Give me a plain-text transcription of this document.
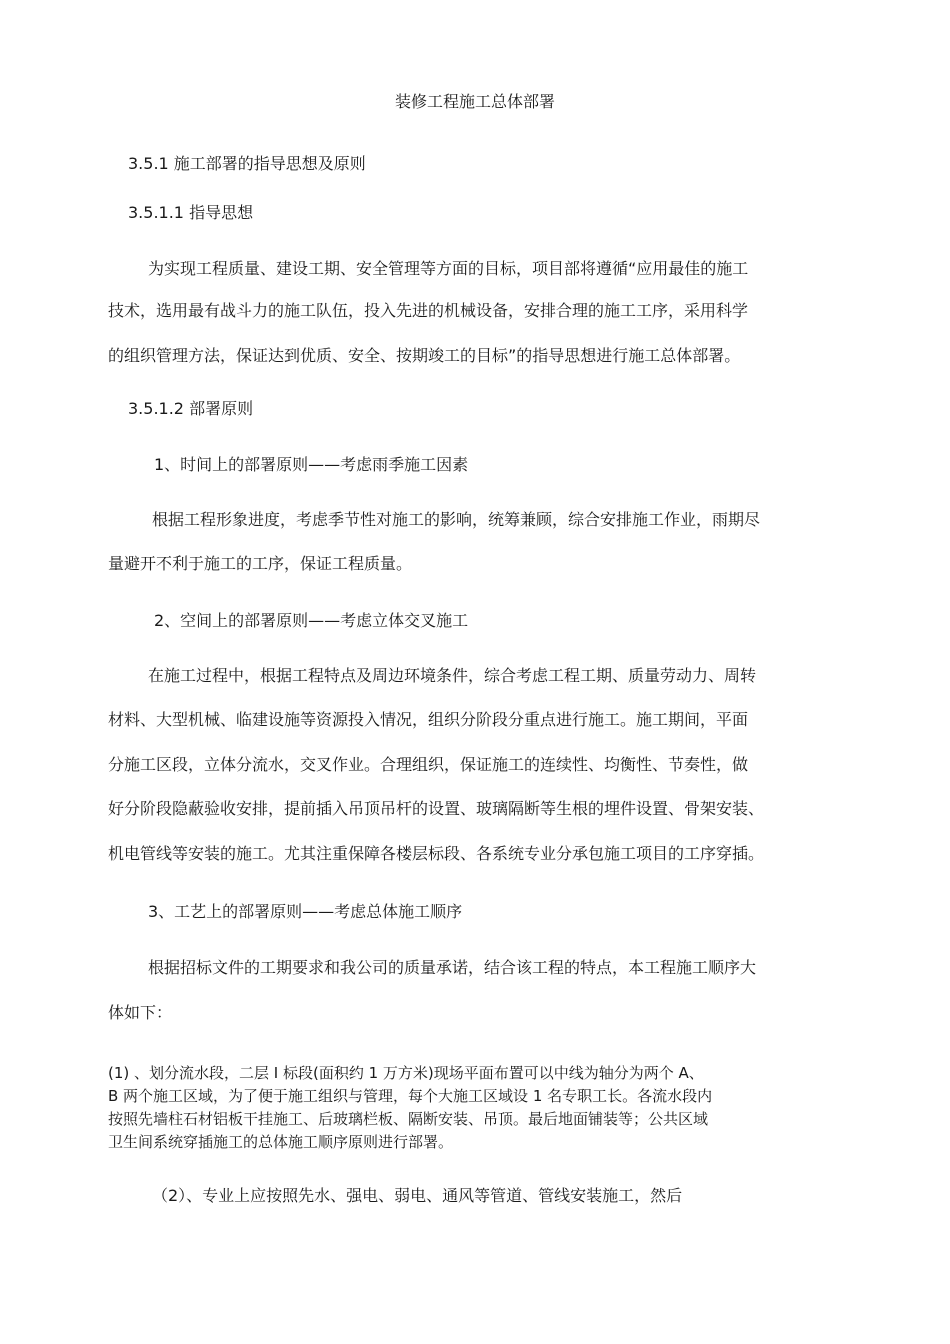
装修工程施工总体部署
3.5.1 施工部署的指导思想及原则
3.5.1.1 指导思想
为实现工程质量、建设工期、安全管理等方面的目标，项目部将遵循“应用最佳的施工
技术，选用最有战斗力的施工队伍，投入先进的机械设备，安排合理的施工工序，采用科学
的组织管理方法，保证达到优质、安全、按期竣工的目标”的指导思想进行施工总体部署。
3.5.1.2 部署原则
1、时间上的部署原则——考虑雨季施工因素
根据工程形象进度，考虑季节性对施工的影响，统筹兼顾，综合安排施工作业，雨期尽
量避开不利于施工的工序，保证工程质量。
2、空间上的部署原则——考虑立体交叉施工
在施工过程中，根据工程特点及周边环境条件，综合考虑工程工期、质量劳动力、周转
材料、大型机械、临建设施等资源投入情况，组织分阶段分重点进行施工。施工期间，平面
分施工区段，立体分流水，交叉作业。合理组织，保证施工的连续性、均衡性、节奏性，做
好分阶段隐蔽验收安排，提前插入吊顶吊杆的设置、玻璃隔断等生根的埋件设置、骨架安装、
机电管线等安装的施工。尤其注重保障各楼层标段、各系统专业分承包施工项目的工序穿插。
3、工艺上的部署原则——考虑总体施工顺序
根据招标文件的工期要求和我公司的质量承诺，结合该工程的特点，本工程施工顺序大
体如下：
(1) 、划分流水段，二层 I 标段(面积约 1 万方米)现场平面布置可以中线为轴分为两个 A、
B 两个施工区域，为了便于施工组织与管理，每个大施工区域设 1 名专职工长。各流水段内
按照先墙柱石材铝板干挂施工、后玻璃栏板、隔断安装、吊顶。最后地面铺装等；公共区域
卫生间系统穿插施工的总体施工顺序原则进行部署。
（2）、专业上应按照先水、强电、弱电、通风等管道、管线安装施工，然后
